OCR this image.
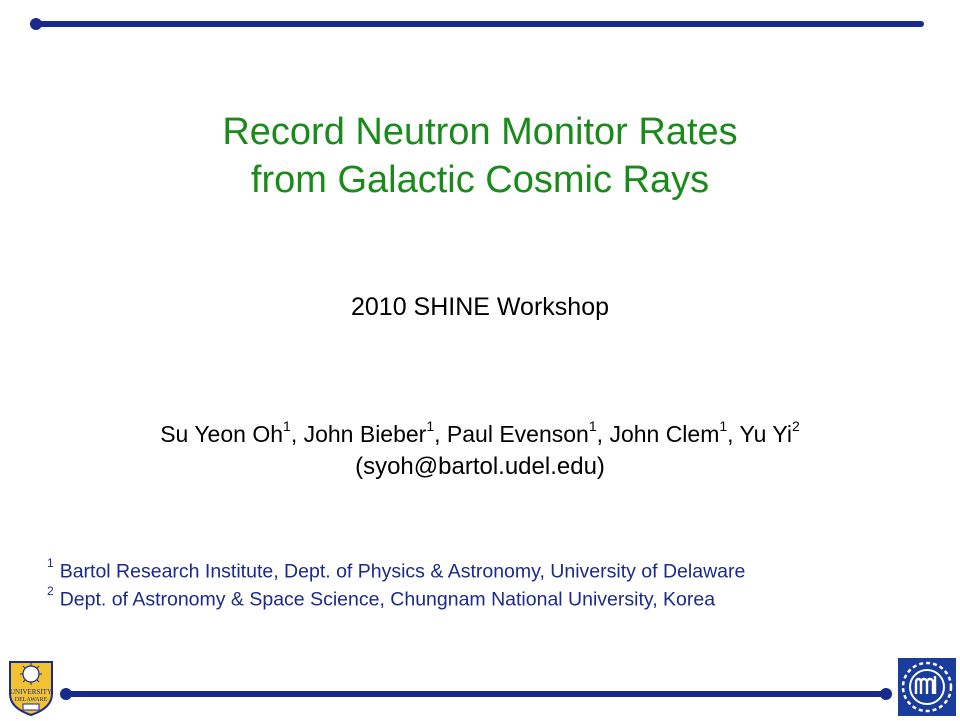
Record Neutron Monitor Rates
from Galactic Cosmic Rays
2010 SHINE Workshop
Su Yeon Oh$^1$, John Bieber$^1$, Paul Evenson$^1$, John Clem$^1$, Yu Yi$^2$
(syoh@bartol.udel.edu)
$^1$ Bartol Research Institute, Dept. of Physics & Astronomy, University of Delaware
$^2$ Dept. of Astronomy & Space Science, Chungnam National University, Korea
UNIVERSITY
DELAWARE
